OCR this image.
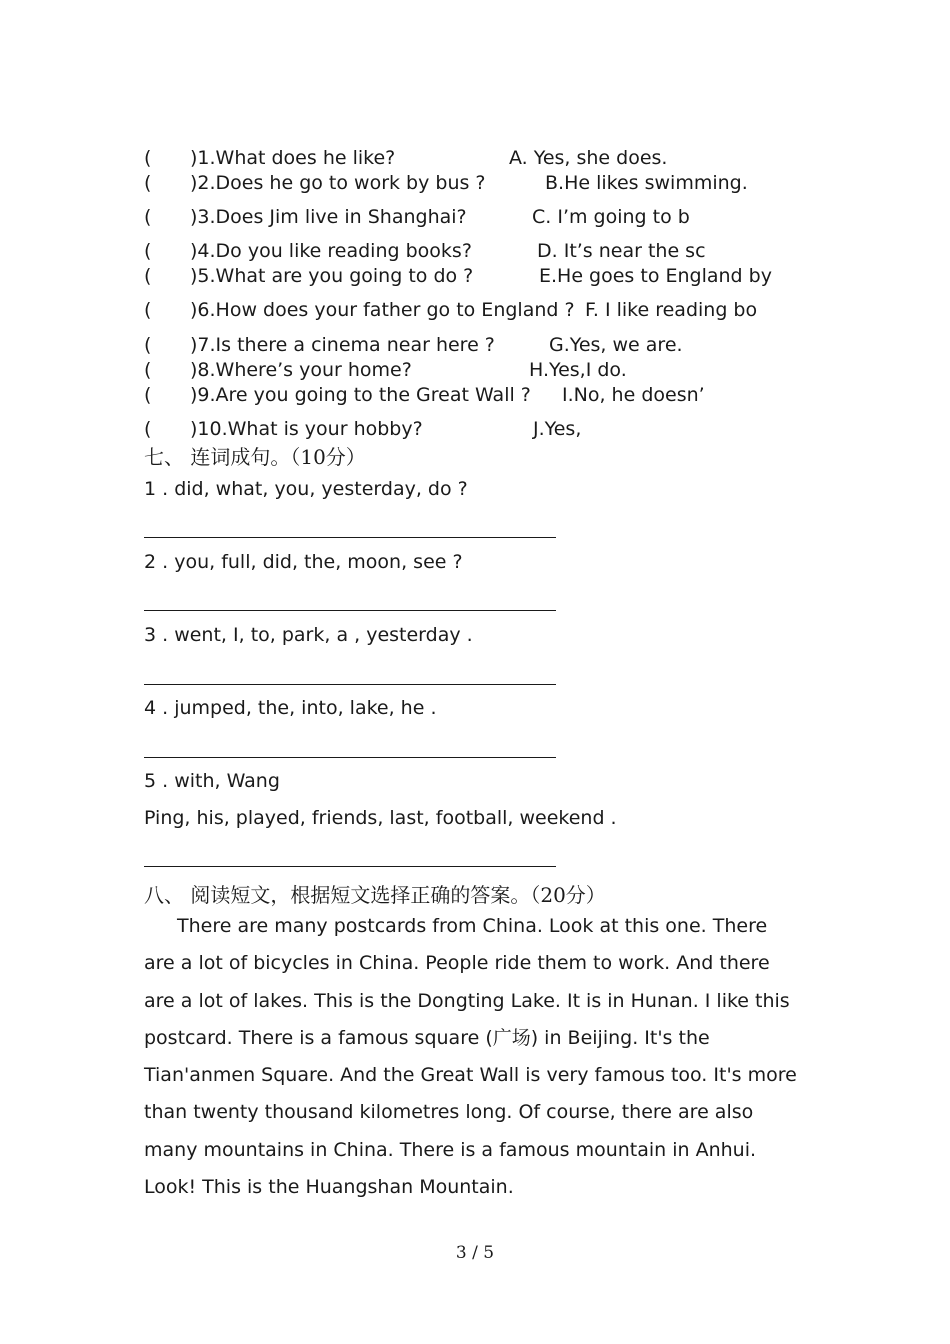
( )1.What does he like?	A. Yes, she does.
( )2.Does he go to work by bus ?	B.He likes swimming.
( )3.Does Jim live in Shanghai?	C. I’m going to b
( )4.Do you like reading books?	D. It’s near the sc
( )5.What are you going to do ?	E.He goes to England by
( )6.How does your father go to England ? F. I like reading bo
( )7.Is there a cinema near here ?	G.Yes, we are.
( )8.Where’s your home?	H.Yes,I do.
( )9.Are you going to the Great Wall ? I.No, he doesn’
( )10.What is your hobby?	J.Yes,
七、 连词成句。（10分）
1 . did, what, you, yesterday, do ?
2 . you, full, did, the, moon, see ?
3 . went, I, to, park, a , yesterday .
4 . jumped, the, into, lake, he .
5 . with, Wang
Ping, his, played, friends, last, football, weekend .
八、 阅读短文，根据短文选择正确的答案。（20分）
There are many postcards from China. Look at this one. There
are a lot of bicycles in China. People ride them to work. And there
are a lot of lakes. This is the Dongting Lake. It is in Hunan. I like this
postcard. There is a famous square (广场) in Beijing. It's the
Tian'anmen Square. And the Great Wall is very famous too. It's more
than twenty thousand kilometres long. Of course, there are also
many mountains in China. There is a famous mountain in Anhui.
Look! This is the Huangshan Mountain.
3 / 5
